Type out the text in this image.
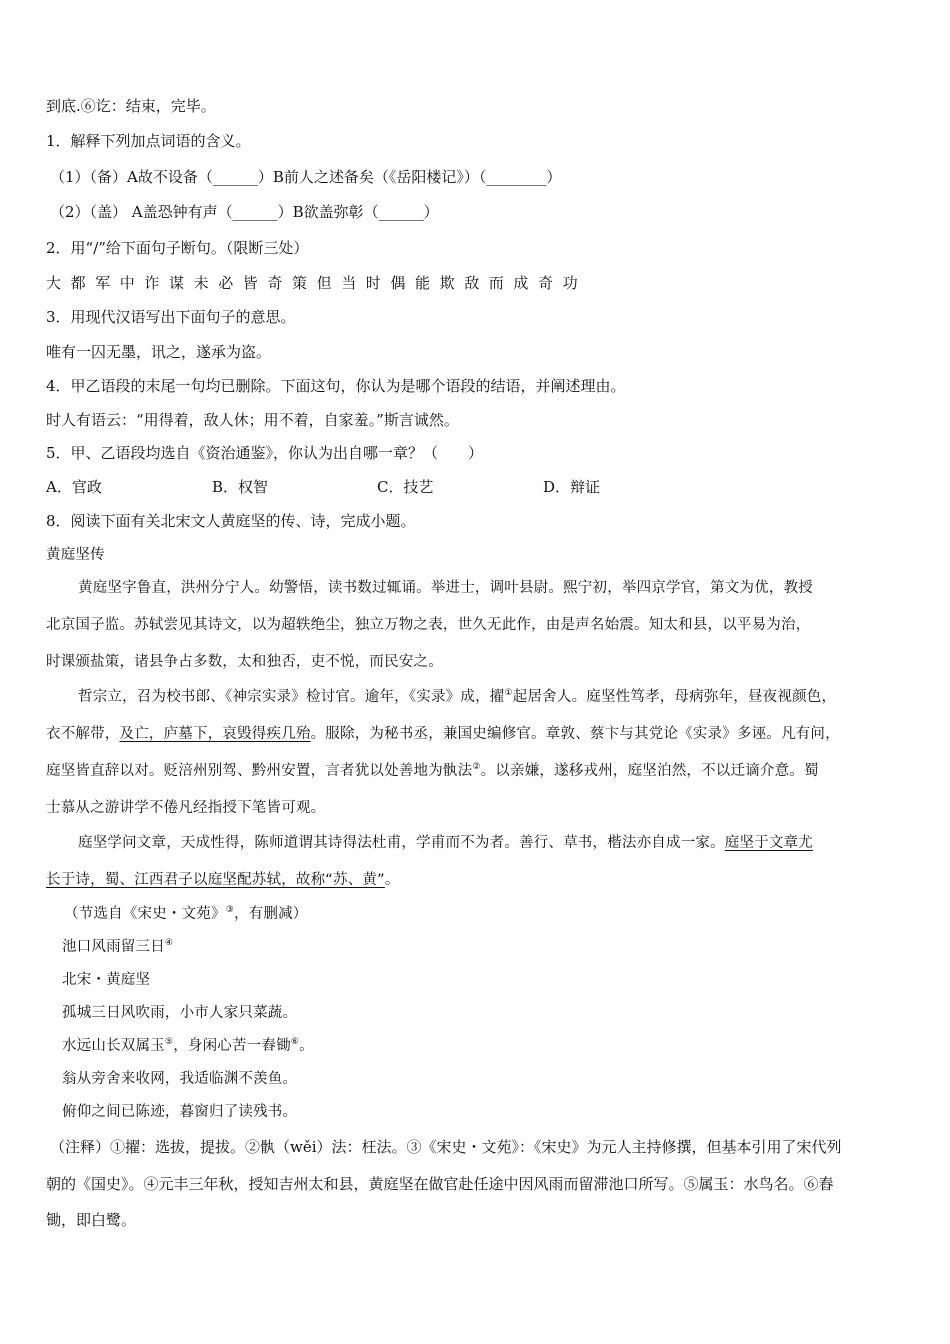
到底.⑥讫：结束，完毕。
1．解释下列加点词语的含义。
（1）（备）A故不设备（______）B前人之述备矣（《岳阳楼记》）（________）
（2）（盖） A盖恐钟有声（______）B欲盖弥彰（______）
2．用“/”给下面句子断句。（限断三处）
大都军中诈谋未必皆奇策但当时偶能欺敌而成奇功
3．用现代汉语写出下面句子的意思。
唯有一囚无墨，讯之，遂承为盗。
4．甲乙语段的末尾一句均已删除。下面这句，你认为是哪个语段的结语，并阐述理由。
时人有语云：“用得着，敌人休；用不着，自家羞。”斯言诚然。
5．甲、乙语段均选自《资治通鉴》，你认为出自哪一章？（　　）
A．官政	B．权智	C．技艺	D．辩证
8．阅读下面有关北宋文人黄庭坚的传、诗，完成小题。
黄庭坚传
黄庭坚字鲁直，洪州分宁人。幼警悟，读书数过辄诵。举进士，调叶县尉。熙宁初，举四京学官，第文为优，教授
北京国子监。苏轼尝见其诗文，以为超轶绝尘，独立万物之表，世久无此作，由是声名始震。知太和县，以平易为治，
时课颁盐策，诸县争占多数，太和独否，吏不悦，而民安之。
哲宗立，召为校书郎、《神宗实录》检讨官。逾年，《实录》成，擢①起居舍人。庭坚性笃孝，母病弥年，昼夜视颜色，
衣不解带，及亡，庐墓下，哀毁得疾几殆。服除，为秘书丞，兼国史编修官。章敦、蔡卞与其党论《实录》多诬。凡有问，
庭坚皆直辞以对。贬涪州别驾、黔州安置，言者犹以处善地为骫法②。以亲嫌，遂移戎州，庭坚泊然，不以迁谪介意。蜀
士慕从之游讲学不倦凡经指授下笔皆可观。
庭坚学问文章，天成性得，陈师道谓其诗得法杜甫，学甫而不为者。善行、草书，楷法亦自成一家。庭坚于文章尤
长于诗，蜀、江西君子以庭坚配苏轼，故称“苏、黄”。
（节选自《宋史・文苑》③，有删减）
池口风雨留三日④
北宋・黄庭坚
孤城三日风吹雨，小市人家只菜蔬。
水远山长双属玉⑤，身闲心苦一舂锄⑥。
翁从旁舍来收网，我适临渊不羡鱼。
俯仰之间已陈迹，暮窗归了读残书。
（注释）①擢：选拔，提拔。②骫（wěi）法：枉法。③《宋史・文苑》：《宋史》为元人主持修撰，但基本引用了宋代列
朝的《国史》。④元丰三年秋，授知吉州太和县，黄庭坚在做官赴任途中因风雨而留滞池口所写。⑤属玉：水鸟名。⑥舂
锄，即白鹭。
